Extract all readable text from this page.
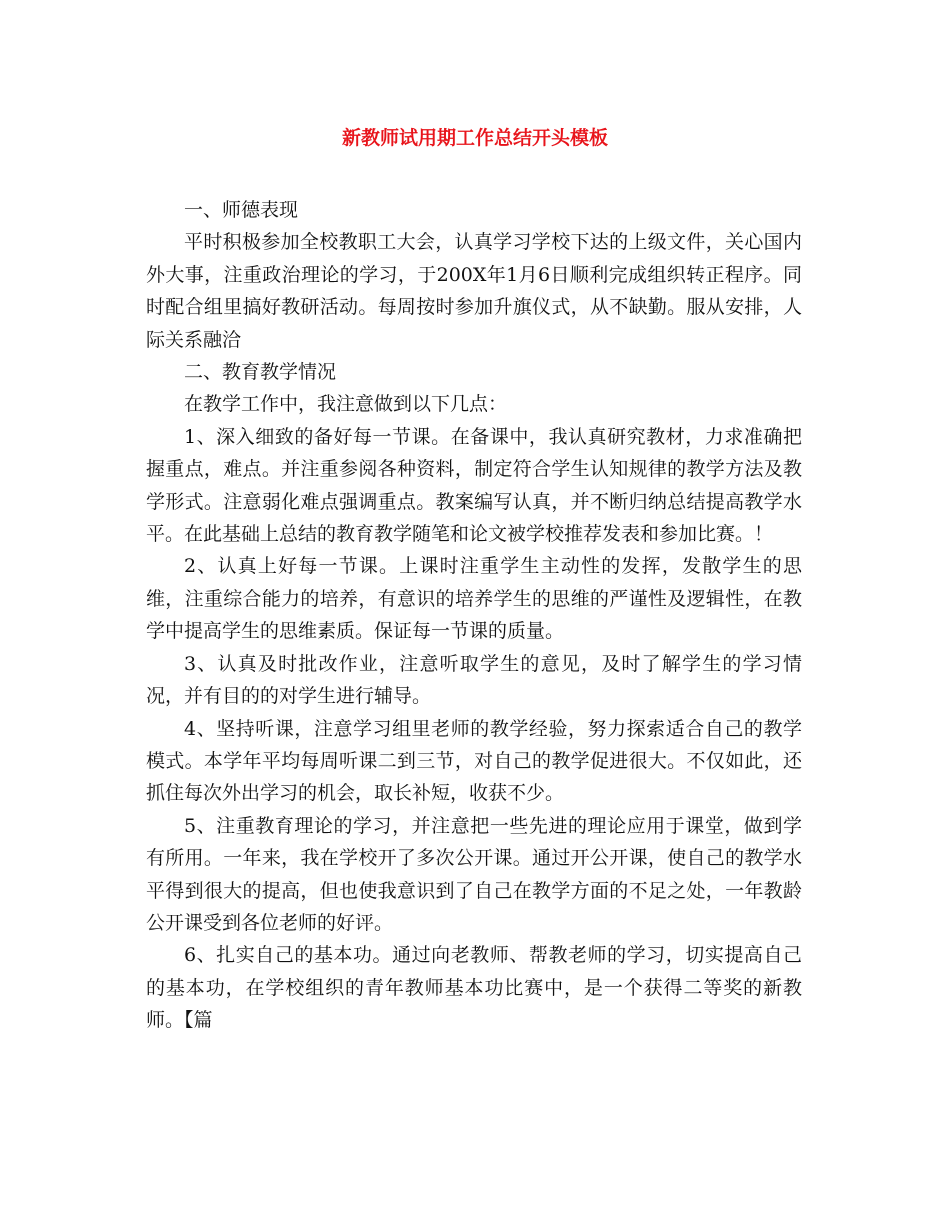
新教师试用期工作总结开头模板

一、师德表现

平时积极参加全校教职工大会，认真学习学校下达的上级文件，关心国内外大事，注重政治理论的学习，于200X年1月6日顺利完成组织转正程序。同时配合组里搞好教研活动。每周按时参加升旗仪式，从不缺勤。服从安排，人际关系融洽

二、教育教学情况

在教学工作中，我注意做到以下几点：

1、深入细致的备好每一节课。在备课中，我认真研究教材，力求准确把握重点，难点。并注重参阅各种资料，制定符合学生认知规律的教学方法及教学形式。注意弱化难点强调重点。教案编写认真，并不断归纳总结提高教学水平。在此基础上总结的教育教学随笔和论文被学校推荐发表和参加比赛。！

2、认真上好每一节课。上课时注重学生主动性的发挥，发散学生的思维，注重综合能力的培养，有意识的培养学生的思维的严谨性及逻辑性，在教学中提高学生的思维素质。保证每一节课的质量。

3、认真及时批改作业，注意听取学生的意见，及时了解学生的学习情况，并有目的的对学生进行辅导。

4、坚持听课，注意学习组里老师的教学经验，努力探索适合自己的教学模式。本学年平均每周听课二到三节，对自己的教学促进很大。不仅如此，还抓住每次外出学习的机会，取长补短，收获不少。

5、注重教育理论的学习，并注意把一些先进的理论应用于课堂，做到学有所用。一年来，我在学校开了多次公开课。通过开公开课，使自己的教学水平得到很大的提高，但也使我意识到了自己在教学方面的不足之处，一年教龄公开课受到各位老师的好评。

6、扎实自己的基本功。通过向老教师、帮教老师的学习，切实提高自己的基本功，在学校组织的青年教师基本功比赛中，是一个获得二等奖的新教师。【篇
